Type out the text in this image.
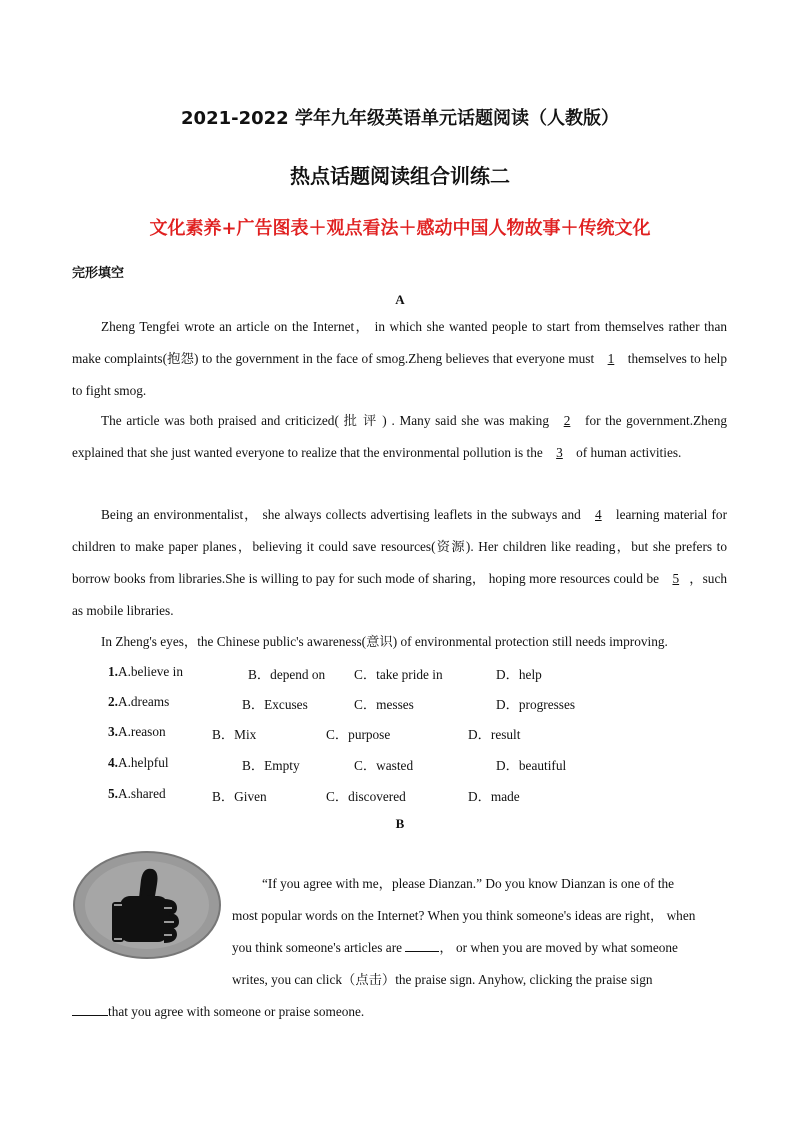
2021-2022 学年九年级英语单元话题阅读（人教版）
热点话题阅读组合训练二
文化素养+广告图表＋观点看法＋感动中国人物故事＋传统文化
完形填空
A
Zheng Tengfei wrote an article on the Internet， in which she wanted people to start from themselves rather than make complaints(抱怨) to the government in the face of smog.Zheng believes that everyone must 1 themselves to help to fight smog.
The article was both praised and criticized( 批 评 ) . Many said she was making 2 for the government.Zheng explained that she just wanted everyone to realize that the environmental pollution is the 3 of human activities.
Being an environmentalist， she always collects advertising leaflets in the subways and 4 learning material for children to make paper planes，believing it could save resources(资源). Her children like reading，but she prefers to borrow books from libraries.She is willing to pay for such mode of sharing， hoping more resources could be 5 ，such as mobile libraries.
In Zheng's eyes，the Chinese public's awareness(意识) of environmental protection still needs improving.
1.A.believe in	B．depend on C．take pride in	D．help
2.A.dreams	B．Excuses	C．messes	D．progresses
3.A.reason	B．Mix	C．purpose	D．result
4.A.helpful	B．Empty	C．wasted	D．beautiful
5.A.shared	B．Given	C．discovered	D．made
B
“If you agree with me，please Dianzan.” Do you know Dianzan is one of the
most popular words on the Internet? When you think someone's ideas are right， when
you think someone's articles are	， or when you are moved by what someone
writes, you can click（点击）the praise sign. Anyhow, clicking the praise sign
that you agree with someone or praise someone.
